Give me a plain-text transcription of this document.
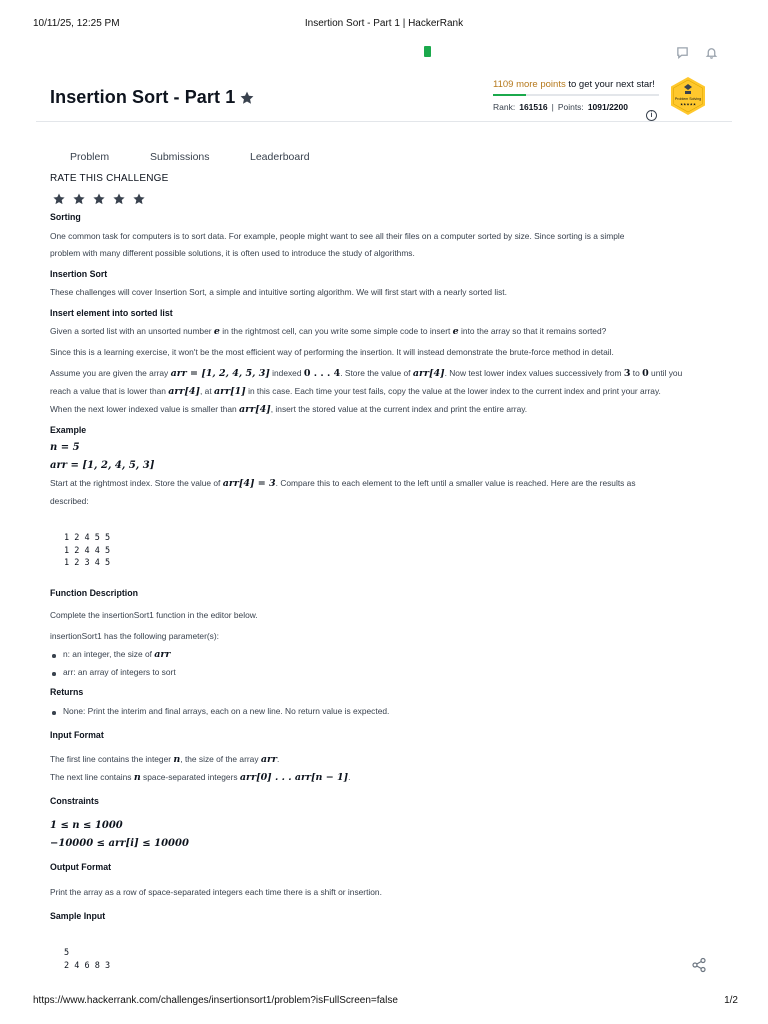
10/11/25, 12:25 PM	Insertion Sort - Part 1 | HackerRank
Insertion Sort - Part 1
1109 more points to get your next star!
Rank: 161516 | Points: 1091/2200
i
Problem Solving
★★★★★
Problem	Submissions	Leaderboard
RATE THIS CHALLENGE
Sorting
One common task for computers is to sort data. For example, people might want to see all their files on a computer sorted by size. Since sorting is a simple
problem with many different possible solutions, it is often used to introduce the study of algorithms.
Insertion Sort
These challenges will cover Insertion Sort, a simple and intuitive sorting algorithm. We will first start with a nearly sorted list.
Insert element into sorted list
Given a sorted list with an unsorted number e in the rightmost cell, can you write some simple code to insert e into the array so that it remains sorted?
Since this is a learning exercise, it won't be the most efficient way of performing the insertion. It will instead demonstrate the brute-force method in detail.
Assume you are given the array arr = [1, 2, 4, 5, 3] indexed 0 . . . 4. Store the value of arr[4]. Now test lower index values successively from 3 to 0 until you
reach a value that is lower than arr[4], at arr[1] in this case. Each time your test fails, copy the value at the lower index to the current index and print your array.
When the next lower indexed value is smaller than arr[4], insert the stored value at the current index and print the entire array.
Example
n = 5
arr = [1, 2, 4, 5, 3]
Start at the rightmost index. Store the value of arr[4] = 3. Compare this to each element to the left until a smaller value is reached. Here are the results as
described:
1 2 4 5 5
1 2 4 4 5
1 2 3 4 5
Function Description
Complete the insertionSort1 function in the editor below.
insertionSort1 has the following parameter(s):
n: an integer, the size of arr
arr: an array of integers to sort
Returns
None: Print the interim and final arrays, each on a new line. No return value is expected.
Input Format
The first line contains the integer n, the size of the array arr.
The next line contains n space-separated integers arr[0] . . . arr[n − 1].
Constraints
1 ≤ n ≤ 1000
−10000 ≤ arr[i] ≤ 10000
Output Format
Print the array as a row of space-separated integers each time there is a shift or insertion.
Sample Input
5
2 4 6 8 3
https://www.hackerrank.com/challenges/insertionsort1/problem?isFullScreen=false	1/2
